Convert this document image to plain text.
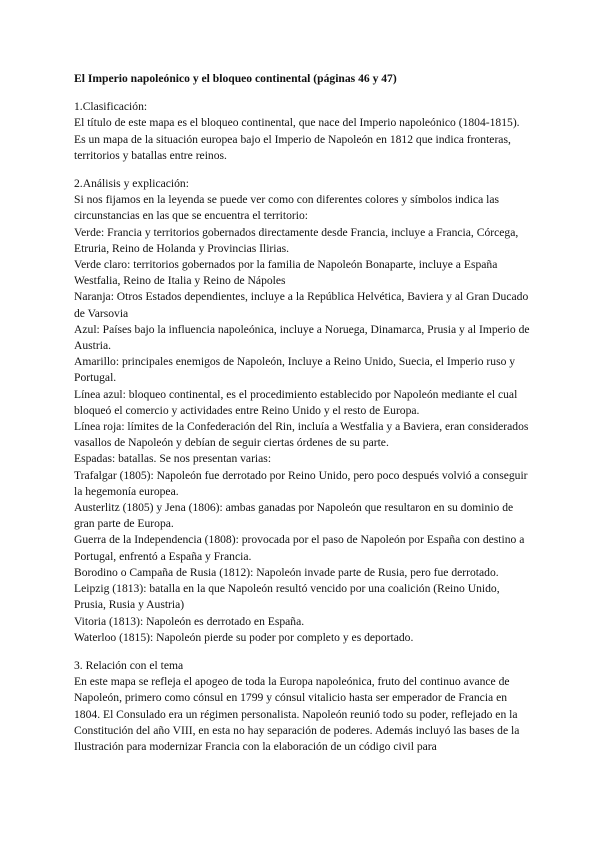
El Imperio napoleónico y el bloqueo continental (páginas 46 y 47)

1.Clasificación:

El título de este mapa es el bloqueo continental, que nace del Imperio napoleónico (1804-1815).

Es un mapa de la situación europea bajo el Imperio de Napoleón en 1812 que indica fronteras, territorios y batallas entre reinos.

2.Análisis y explicación:

Si nos fijamos en la leyenda se puede ver como con diferentes colores y símbolos indica las circunstancias en las que se encuentra el territorio:

Verde: Francia y territorios gobernados directamente desde Francia, incluye a Francia, Córcega, Etruria, Reino de Holanda y Provincias Ilirias.

Verde claro: territorios gobernados por la familia de Napoleón Bonaparte, incluye a España Westfalia, Reino de Italia y Reino de Nápoles

Naranja: Otros Estados dependientes, incluye a la República Helvética, Baviera y al Gran Ducado de Varsovia

Azul: Países bajo la influencia napoleónica, incluye a Noruega, Dinamarca, Prusia y al Imperio de Austria.

Amarillo: principales enemigos de Napoleón, Incluye a Reino Unido, Suecia, el Imperio ruso y Portugal.

Línea azul: bloqueo continental, es el procedimiento establecido por Napoleón mediante el cual bloqueó el comercio y actividades entre Reino Unido y el resto de Europa.

Línea roja: límites de la Confederación del Rin, incluía a Westfalia y a Baviera, eran considerados vasallos de Napoleón y debían de seguir ciertas órdenes de su parte.

Espadas: batallas. Se nos presentan varias:

Trafalgar (1805): Napoleón fue derrotado por Reino Unido, pero poco después volvió a conseguir la hegemonía europea.

Austerlitz (1805) y Jena (1806): ambas ganadas por Napoleón que resultaron en su dominio de gran parte de Europa.

Guerra de la Independencia (1808): provocada por el paso de Napoleón por España con destino a Portugal, enfrentó a España y Francia.

Borodino o Campaña de Rusia (1812): Napoleón invade parte de Rusia, pero fue derrotado.

Leipzig (1813): batalla en la que Napoleón resultó vencido por una coalición (Reino Unido, Prusia, Rusia y Austria)

Vitoria (1813): Napoleón es derrotado en España.

Waterloo (1815): Napoleón pierde su poder por completo y es deportado.

3. Relación con el tema

En este mapa se refleja el apogeo de toda la Europa napoleónica, fruto del continuo avance de Napoleón, primero como cónsul en 1799 y cónsul vitalicio hasta ser emperador de Francia en 1804. El Consulado era un régimen personalista. Napoleón reunió todo su poder, reflejado en la Constitución del año VIII, en esta no hay separación de poderes. Además incluyó las bases de la Ilustración para modernizar Francia con la elaboración de un código civil para
